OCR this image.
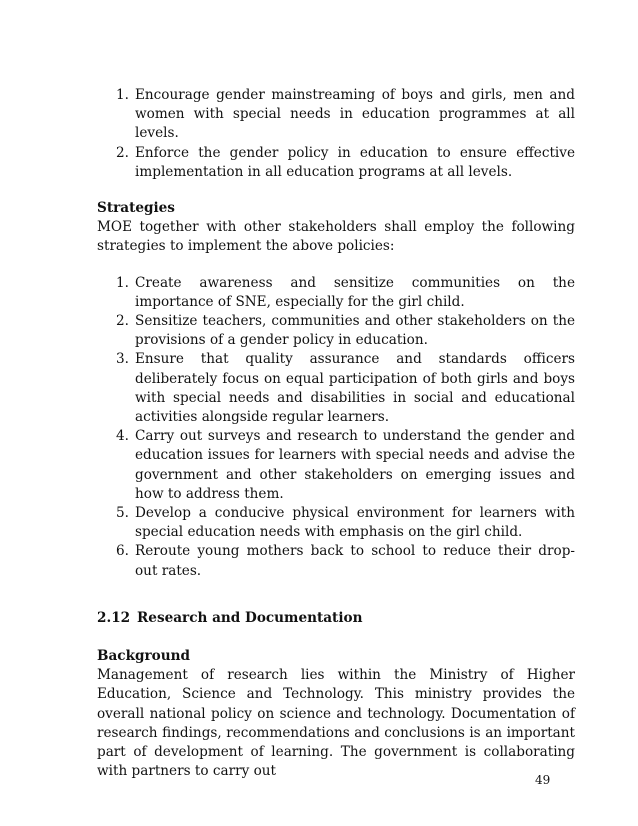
1. Encourage gender mainstreaming of boys and girls, men and women with special needs in education programmes at all levels.
2. Enforce the gender policy in education to ensure effective implementation in all education programs at all levels.

Strategies

MOE together with other stakeholders shall employ the following strategies to implement the above policies:

1. Create awareness and sensitize communities on the importance of SNE, especially for the girl child.
2. Sensitize teachers, communities and other stakeholders on the provisions of a gender policy in education.
3. Ensure that quality assurance and standards officers deliberately focus on equal participation of both girls and boys with special needs and disabilities in social and educational activities alongside regular learners.
4. Carry out surveys and research to understand the gender and education issues for learners with special needs and advise the government and other stakeholders on emerging issues and how to address them.
5. Develop a conducive physical environment for learners with special education needs with emphasis on the girl child.
6. Reroute young mothers back to school to reduce their drop- out rates.

2.12 Research and Documentation

Background

Management of research lies within the Ministry of Higher Education, Science and Technology. This ministry provides the overall national policy on science and technology. Documentation of research findings, recommendations and conclusions is an important part of development of learning. The government is collaborating with partners to carry out

49
